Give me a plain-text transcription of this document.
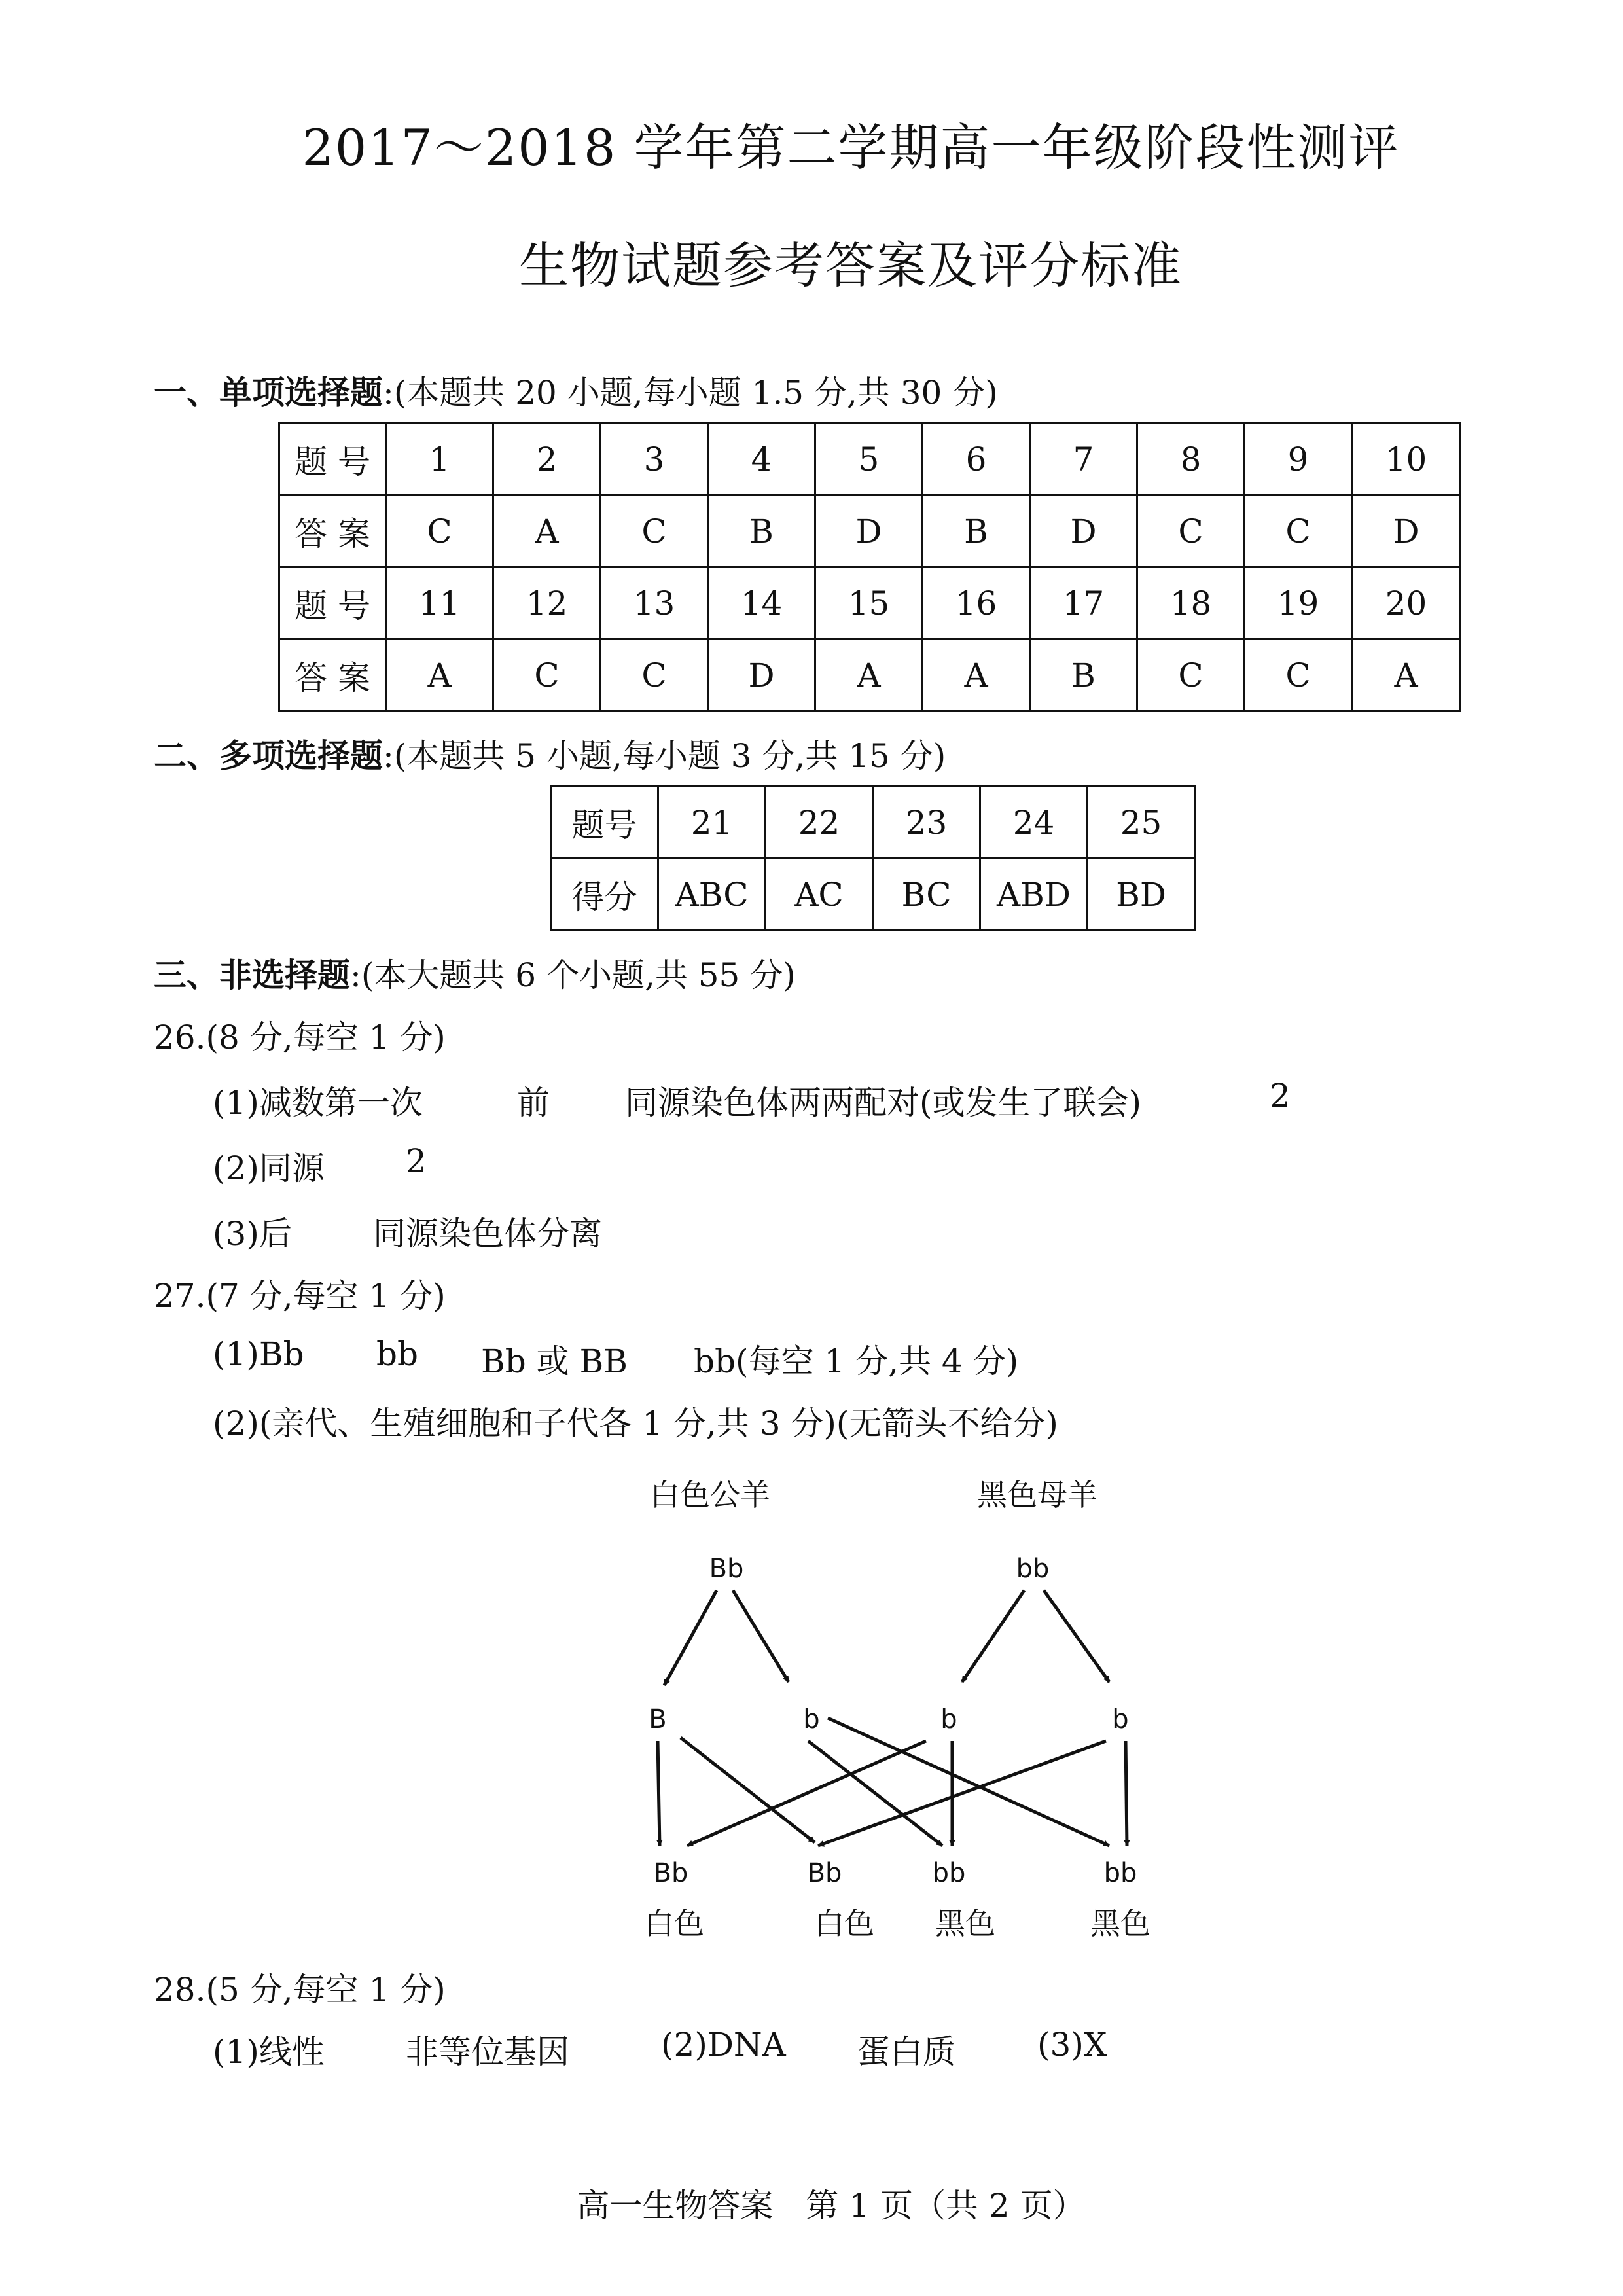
2017～2018 学年第二学期高一年级阶段性测评
生物试题参考答案及评分标准
一、单项选择题:(本题共 20 小题,每小题 1.5 分,共 30 分)
题 号	1	2	3	4	5	6	7	8	9	10
答 案	C	A	C	B	D	B	D	C	C	D
题 号	11	12	13	14	15	16	17	18	19	20
答 案	A	C	C	D	A	A	B	C	C	A
二、多项选择题:(本题共 5 小题,每小题 3 分,共 15 分)
题号	21	22	23	24	25
得分	ABC	AC	BC	ABD	BD
三、非选择题:(本大题共 6 个小题,共 55 分)
26.(8 分,每空 1 分)
(1)减数第一次	前 同源染色体两两配对(或发生了联会)	2
(2)同源 2
(3)后 同源染色体分离
27.(7 分,每空 1 分)
(1)Bb bb Bb 或 BB bb(每空 1 分,共 4 分)
(2)(亲代、生殖细胞和子代各 1 分,共 3 分)(无箭头不给分)
白色公羊	黑色母羊
Bb	bb
B	b	b	b
Bb	Bb	bb	bb
白色	白色 黑色	黑色
28.(5 分,每空 1 分)
(1)线性 非等位基因	(2)DNA 蛋白质	(3)X
高一生物答案　第 1 页（共 2 页）
